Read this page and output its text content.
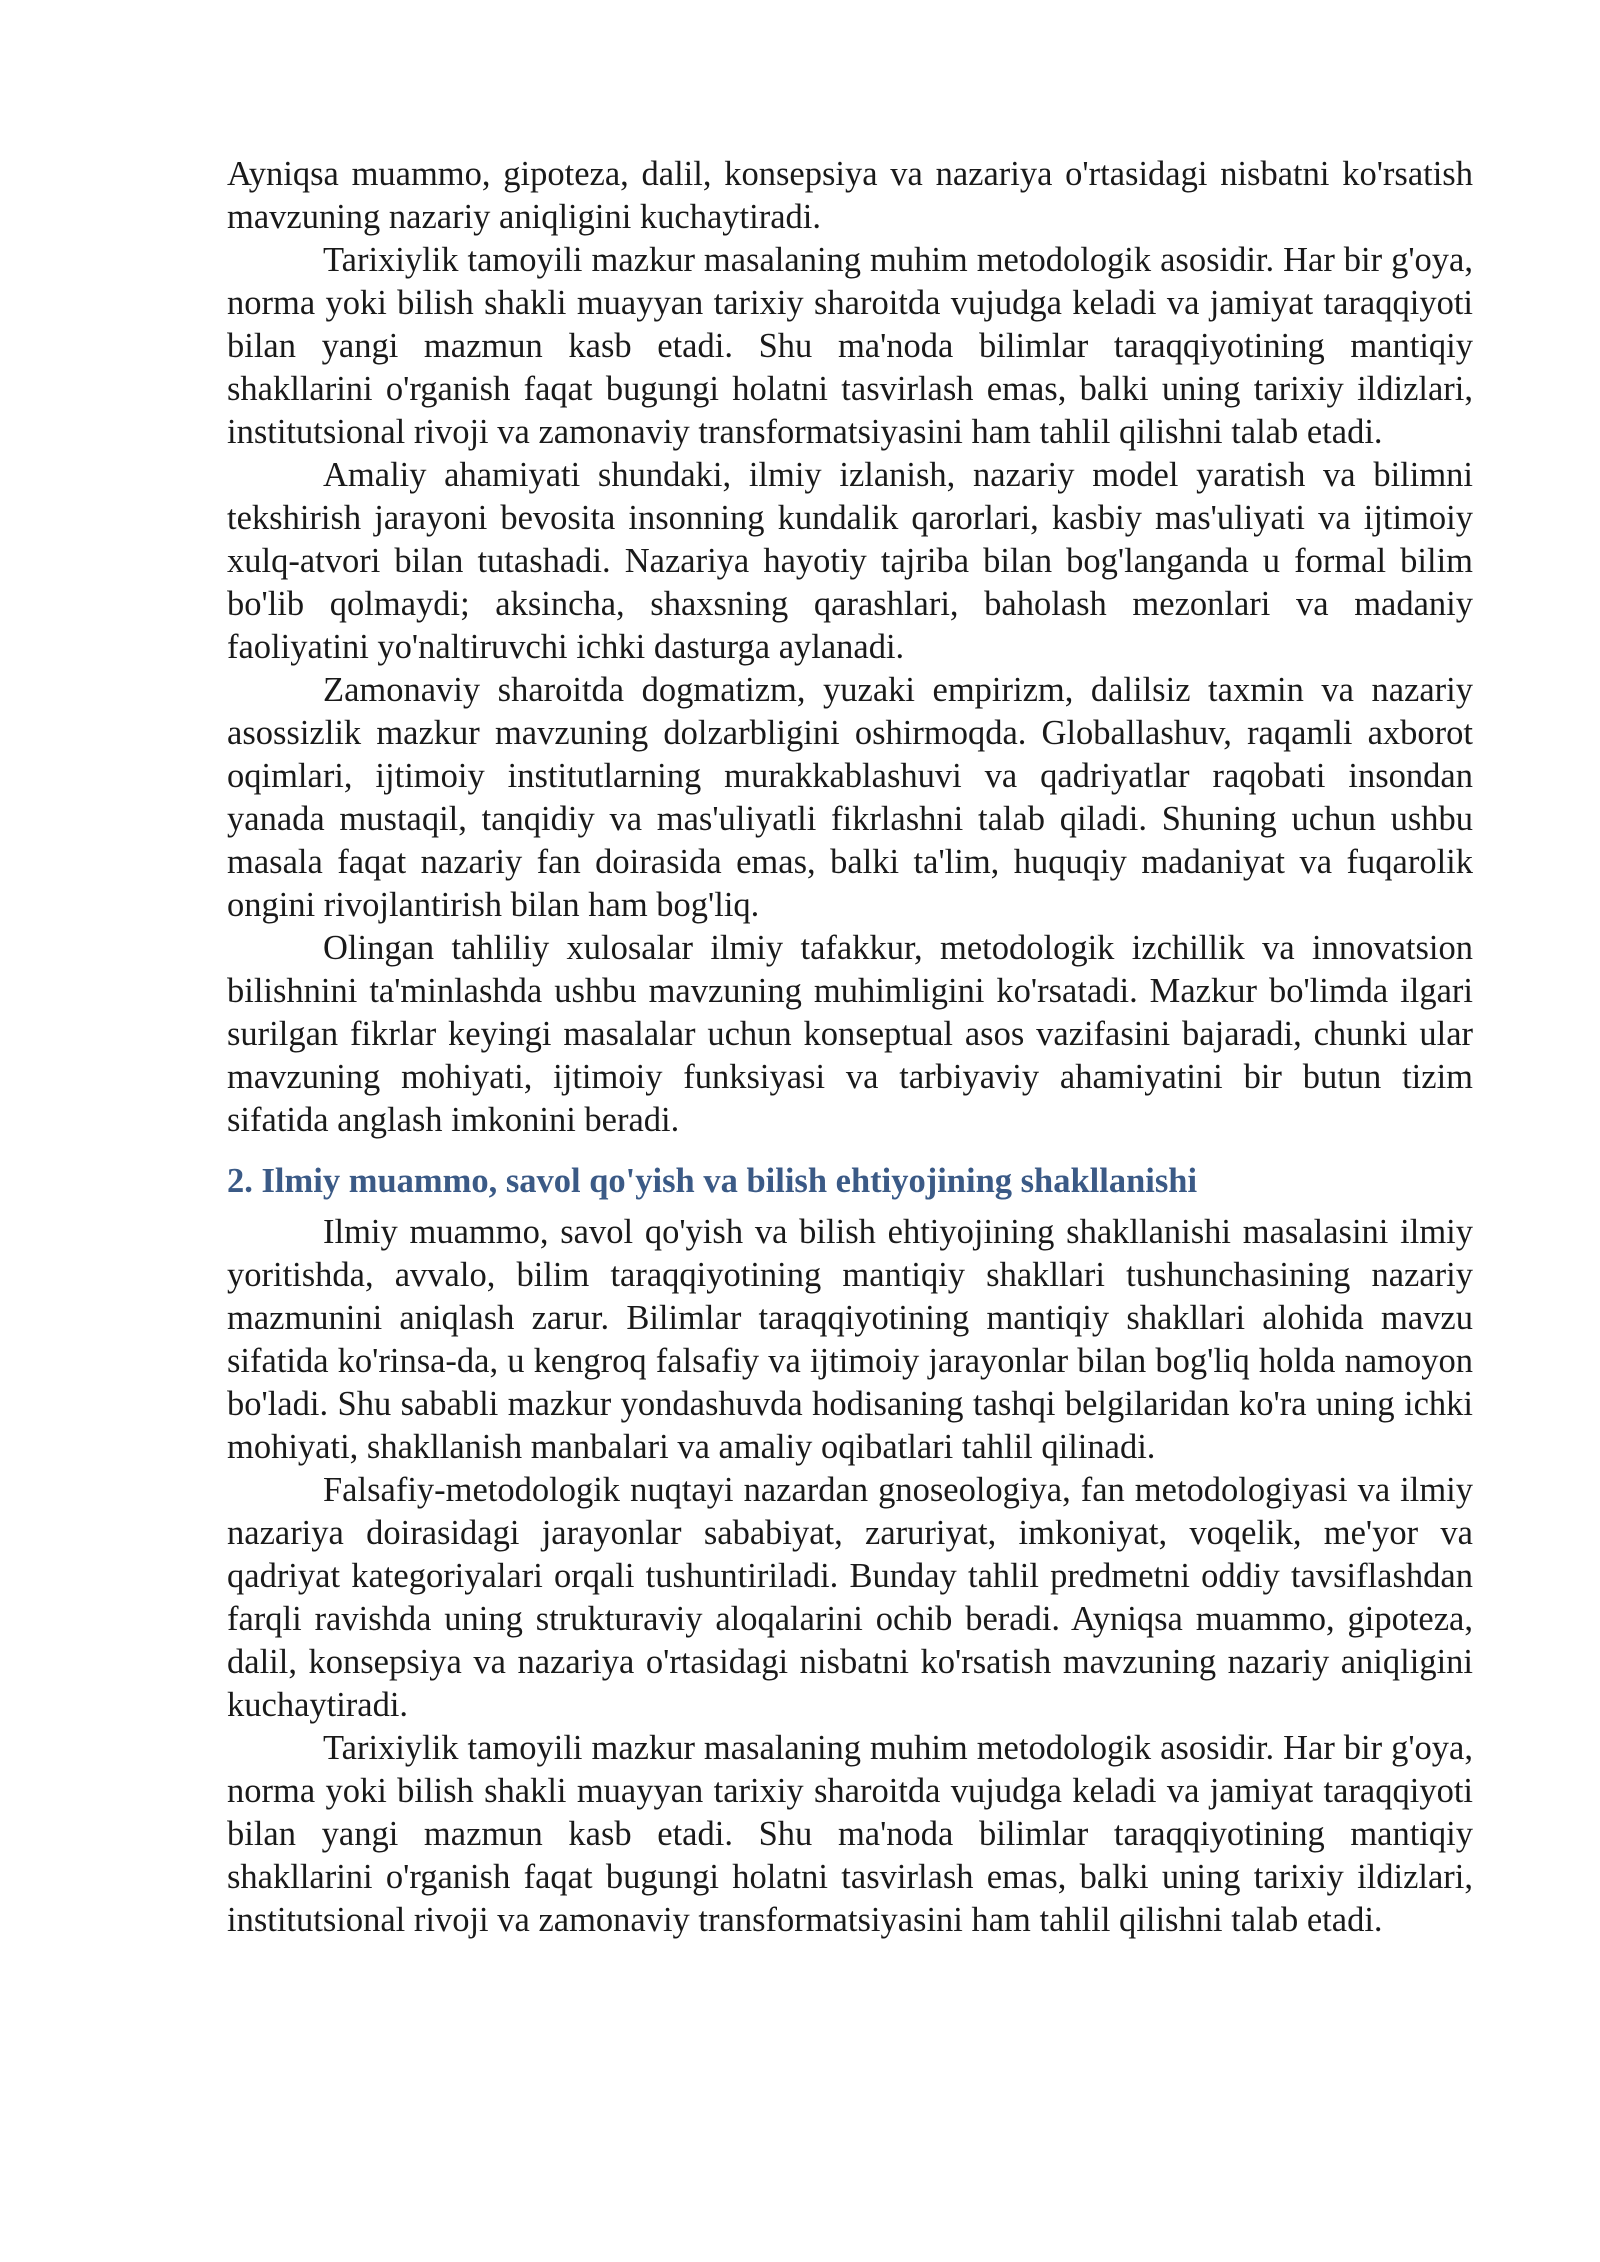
Ayniqsa muammo, gipoteza, dalil, konsepsiya va nazariya o'rtasidagi nisbatni ko'rsatish mavzuning nazariy aniqligini kuchaytiradi.

Tarixiylik tamoyili mazkur masalaning muhim metodologik asosidir. Har bir g'oya, norma yoki bilish shakli muayyan tarixiy sharoitda vujudga keladi va jamiyat taraqqiyoti bilan yangi mazmun kasb etadi. Shu ma'noda bilimlar taraqqiyotining mantiqiy shakllarini o'rganish faqat bugungi holatni tasvirlash emas, balki uning tarixiy ildizlari, institutsional rivoji va zamonaviy transformatsiyasini ham tahlil qilishni talab etadi.

Amaliy ahamiyati shundaki, ilmiy izlanish, nazariy model yaratish va bilimni tekshirish jarayoni bevosita insonning kundalik qarorlari, kasbiy mas'uliyati va ijtimoiy xulq-atvori bilan tutashadi. Nazariya hayotiy tajriba bilan bog'langanda u formal bilim bo'lib qolmaydi; aksincha, shaxsning qarashlari, baholash mezonlari va madaniy faoliyatini yo'naltiruvchi ichki dasturga aylanadi.

Zamonaviy sharoitda dogmatizm, yuzaki empirizm, dalilsiz taxmin va nazariy asossizlik mazkur mavzuning dolzarbligini oshirmoqda. Globallashuv, raqamli axborot oqimlari, ijtimoiy institutlarning murakkablashuvi va qadriyatlar raqobati insondan yanada mustaqil, tanqidiy va mas'uliyatli fikrlashni talab qiladi. Shuning uchun ushbu masala faqat nazariy fan doirasida emas, balki ta'lim, huquqiy madaniyat va fuqarolik ongini rivojlantirish bilan ham bog'liq.

Olingan tahliliy xulosalar ilmiy tafakkur, metodologik izchillik va innovatsion bilishnini ta'minlashda ushbu mavzuning muhimligini ko'rsatadi. Mazkur bo'limda ilgari surilgan fikrlar keyingi masalalar uchun konseptual asos vazifasini bajaradi, chunki ular mavzuning mohiyati, ijtimoiy funksiyasi va tarbiyaviy ahamiyatini bir butun tizim sifatida anglash imkonini beradi.

2. Ilmiy muammo, savol qo'yish va bilish ehtiyojining shakllanishi

Ilmiy muammo, savol qo'yish va bilish ehtiyojining shakllanishi masalasini ilmiy yoritishda, avvalo, bilim taraqqiyotining mantiqiy shakllari tushunchasining nazariy mazmunini aniqlash zarur. Bilimlar taraqqiyotining mantiqiy shakllari alohida mavzu sifatida ko'rinsa-da, u kengroq falsafiy va ijtimoiy jarayonlar bilan bog'liq holda namoyon bo'ladi. Shu sababli mazkur yondashuvda hodisaning tashqi belgilaridan ko'ra uning ichki mohiyati, shakllanish manbalari va amaliy oqibatlari tahlil qilinadi.

Falsafiy-metodologik nuqtayi nazardan gnoseologiya, fan metodologiyasi va ilmiy nazariya doirasidagi jarayonlar sababiyat, zaruriyat, imkoniyat, voqelik, me'yor va qadriyat kategoriyalari orqali tushuntiriladi. Bunday tahlil predmetni oddiy tavsiflashdan farqli ravishda uning strukturaviy aloqalarini ochib beradi. Ayniqsa muammo, gipoteza, dalil, konsepsiya va nazariya o'rtasidagi nisbatni ko'rsatish mavzuning nazariy aniqligini kuchaytiradi.

Tarixiylik tamoyili mazkur masalaning muhim metodologik asosidir. Har bir g'oya, norma yoki bilish shakli muayyan tarixiy sharoitda vujudga keladi va jamiyat taraqqiyoti bilan yangi mazmun kasb etadi. Shu ma'noda bilimlar taraqqiyotining mantiqiy shakllarini o'rganish faqat bugungi holatni tasvirlash emas, balki uning tarixiy ildizlari, institutsional rivoji va zamonaviy transformatsiyasini ham tahlil qilishni talab etadi.
